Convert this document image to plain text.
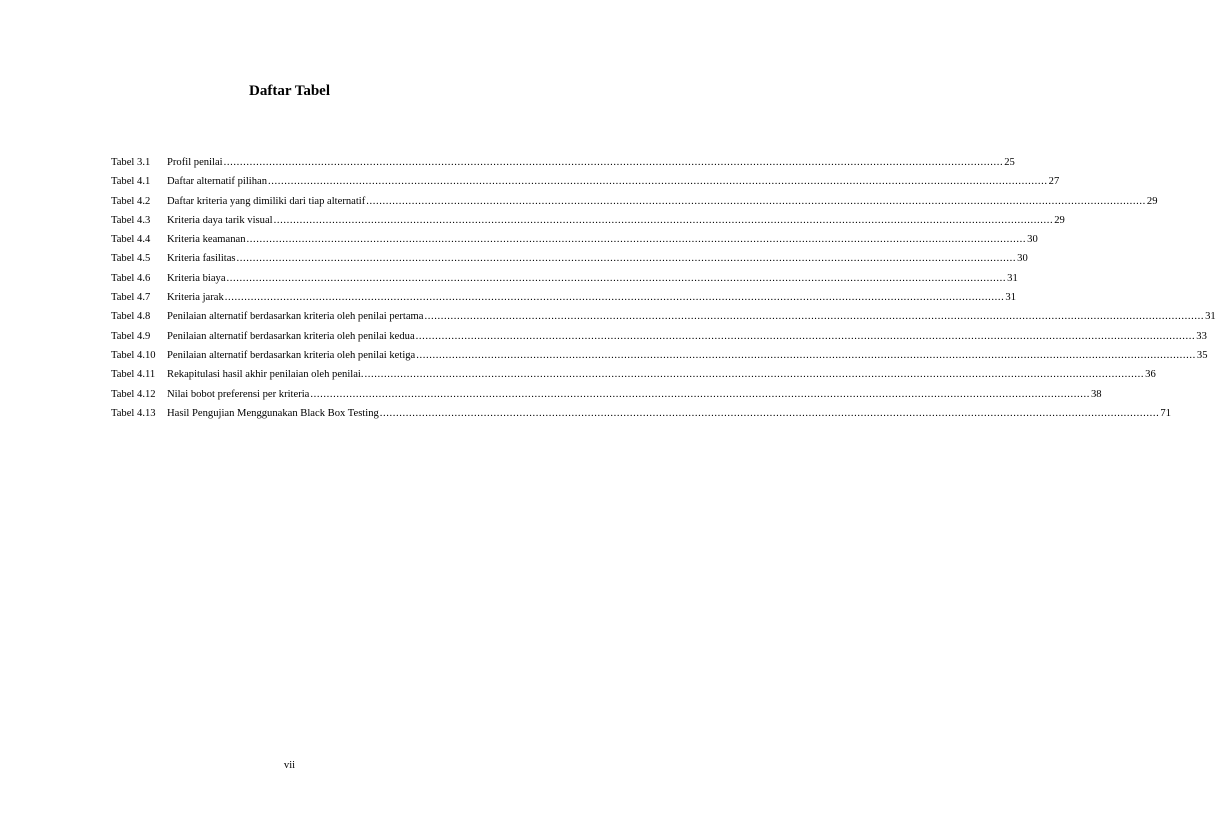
Daftar Tabel
Tabel 3.1	Profil penilai .....	25
Tabel 4.1	Daftar alternatif pilihan .....	27
Tabel 4.2	Daftar kriteria yang dimiliki dari tiap alternatif .....	29
Tabel 4.3	Kriteria daya tarik visual .....	29
Tabel 4.4	Kriteria keamanan .....	30
Tabel 4.5	Kriteria fasilitas .....	30
Tabel 4.6	Kriteria biaya .....	31
Tabel 4.7	Kriteria jarak .....	31
Tabel 4.8	Penilaian alternatif berdasarkan kriteria oleh penilai pertama .....	31
Tabel 4.9	Penilaian alternatif berdasarkan kriteria oleh penilai kedua .....	33
Tabel 4.10	Penilaian alternatif berdasarkan kriteria oleh penilai ketiga .....	35
Tabel 4.11	Rekapitulasi hasil akhir penilaian oleh penilai. .....	36
Tabel 4.12	Nilai bobot preferensi per kriteria .....	38
Tabel 4.13	Hasil Pengujian Menggunakan Black Box Testing .....	71
vii
